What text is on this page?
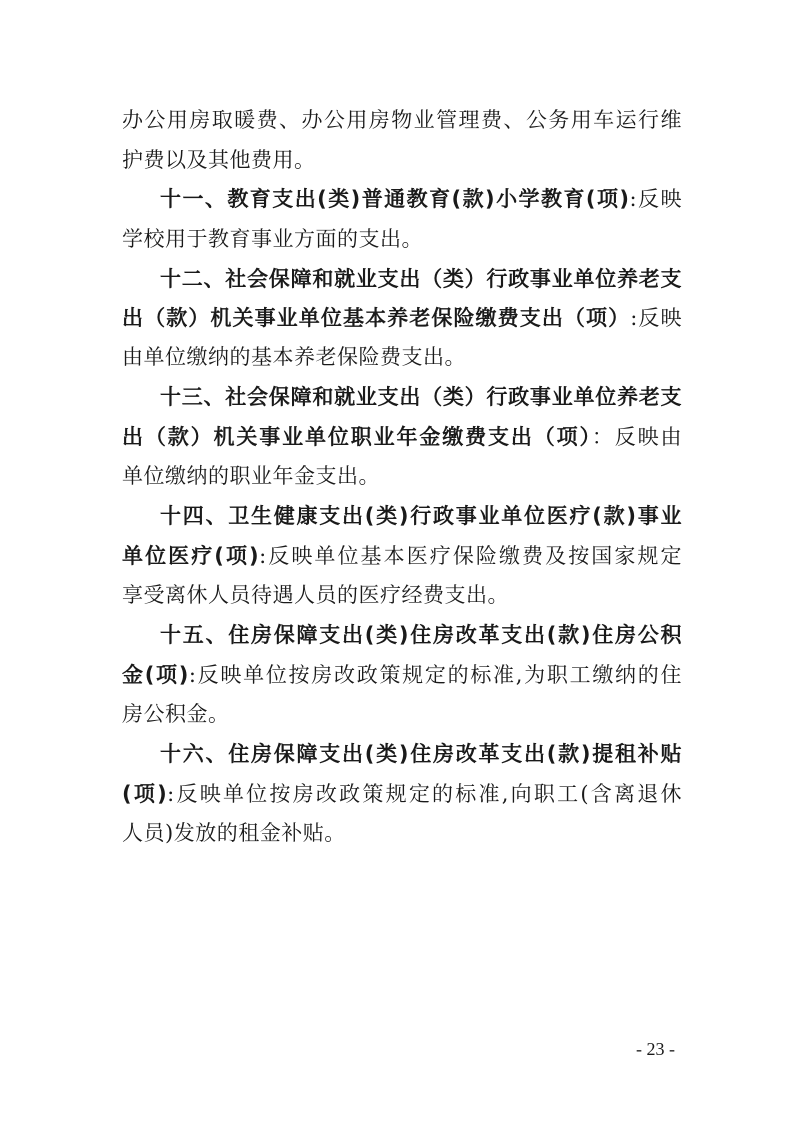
办公用房取暖费、办公用房物业管理费、公务用车运行维
护费以及其他费用。
十一、教育支出(类)普通教育(款)小学教育(项):反映
学校用于教育事业方面的支出。
十二、社会保障和就业支出（类）行政事业单位养老支
出（款）机关事业单位基本养老保险缴费支出（项）:反映
由单位缴纳的基本养老保险费支出。
十三、社会保障和就业支出（类）行政事业单位养老支
出（款）机关事业单位职业年金缴费支出（项）：反映由
单位缴纳的职业年金支出。
十四、卫生健康支出(类)行政事业单位医疗(款)事业
单位医疗(项):反映单位基本医疗保险缴费及按国家规定
享受离休人员待遇人员的医疗经费支出。
十五、住房保障支出(类)住房改革支出(款)住房公积
金(项):反映单位按房改政策规定的标准,为职工缴纳的住
房公积金。
十六、住房保障支出(类)住房改革支出(款)提租补贴
(项):反映单位按房改政策规定的标准,向职工(含离退休
人员)发放的租金补贴。
- 23 -
